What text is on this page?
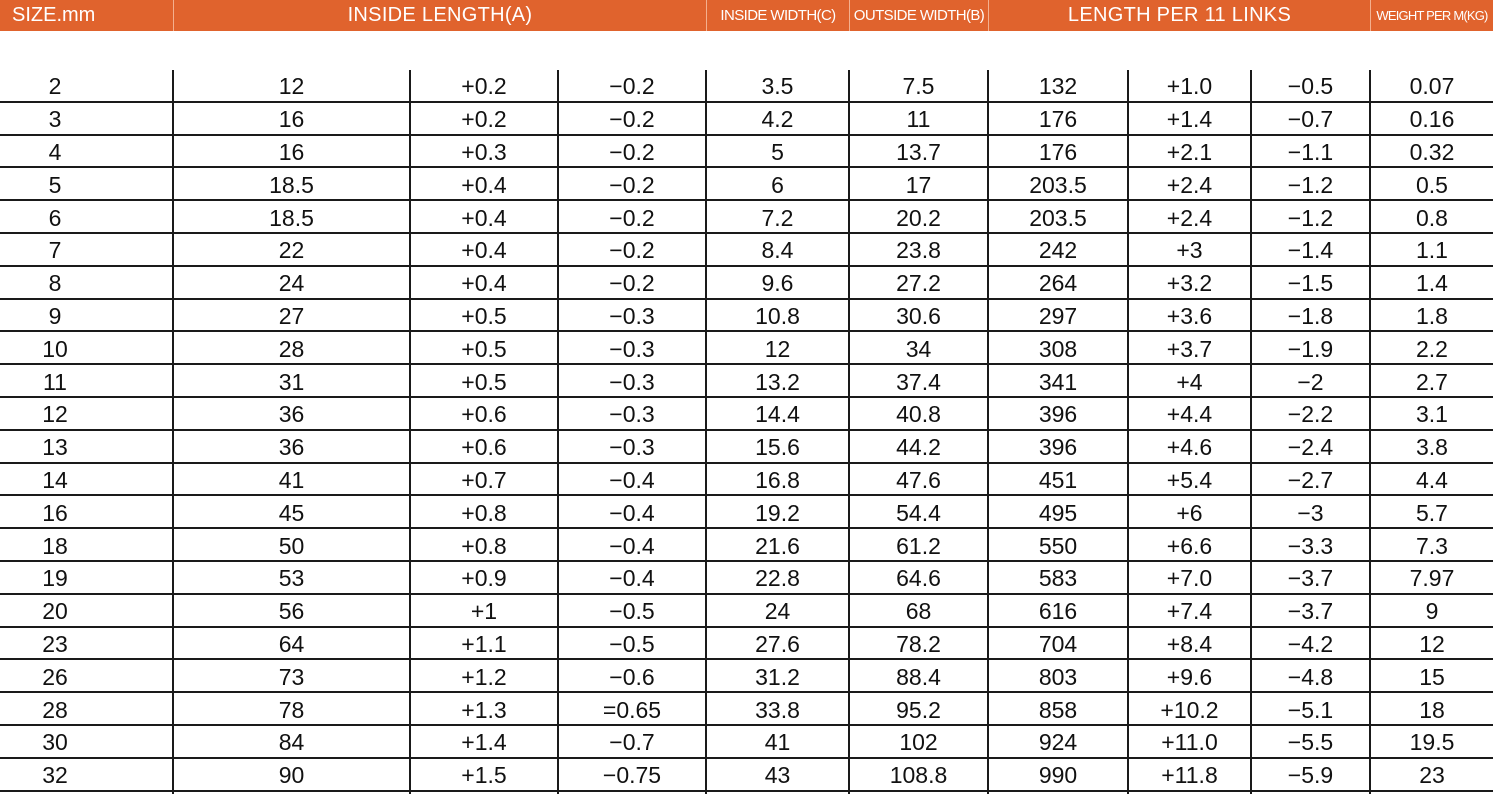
SIZE.mm	INSIDE LENGTH(A)	INSIDE WIDTH(C)	OUTSIDE WIDTH(B)	LENGTH PER 11 LINKS	WEIGHT PER M(KG)
2	12	+0.2	−0.2	3.5	7.5	132	+1.0	−0.5	0.07
3	16	+0.2	−0.2	4.2	11	176	+1.4	−0.7	0.16
4	16	+0.3	−0.2	5	13.7	176	+2.1	−1.1	0.32
5	18.5	+0.4	−0.2	6	17	203.5	+2.4	−1.2	0.5
6	18.5	+0.4	−0.2	7.2	20.2	203.5	+2.4	−1.2	0.8
7	22	+0.4	−0.2	8.4	23.8	242	+3	−1.4	1.1
8	24	+0.4	−0.2	9.6	27.2	264	+3.2	−1.5	1.4
9	27	+0.5	−0.3	10.8	30.6	297	+3.6	−1.8	1.8
10	28	+0.5	−0.3	12	34	308	+3.7	−1.9	2.2
11	31	+0.5	−0.3	13.2	37.4	341	+4	−2	2.7
12	36	+0.6	−0.3	14.4	40.8	396	+4.4	−2.2	3.1
13	36	+0.6	−0.3	15.6	44.2	396	+4.6	−2.4	3.8
14	41	+0.7	−0.4	16.8	47.6	451	+5.4	−2.7	4.4
16	45	+0.8	−0.4	19.2	54.4	495	+6	−3	5.7
18	50	+0.8	−0.4	21.6	61.2	550	+6.6	−3.3	7.3
19	53	+0.9	−0.4	22.8	64.6	583	+7.0	−3.7	7.97
20	56	+1	−0.5	24	68	616	+7.4	−3.7	9
23	64	+1.1	−0.5	27.6	78.2	704	+8.4	−4.2	12
26	73	+1.2	−0.6	31.2	88.4	803	+9.6	−4.8	15
28	78	+1.3	=0.65	33.8	95.2	858	+10.2	−5.1	18
30	84	+1.4	−0.7	41	102	924	+11.0	−5.5	19.5
32	90	+1.5	−0.75	43	108.8	990	+11.8	−5.9	23
